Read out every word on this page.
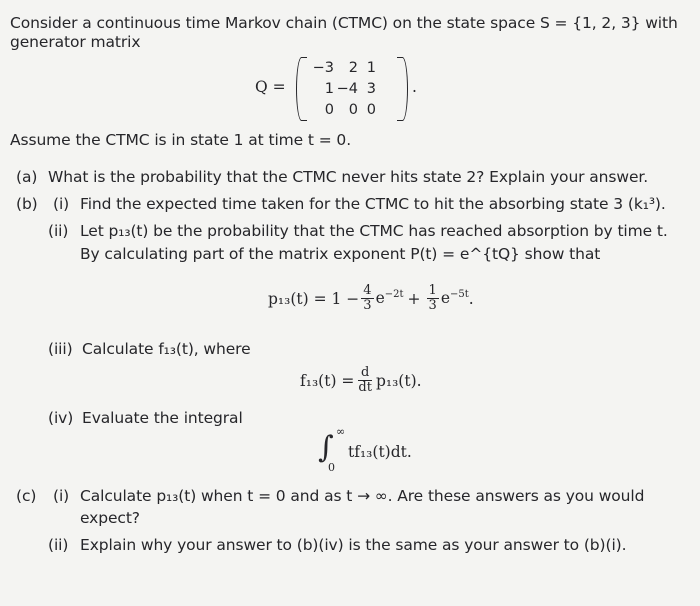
Consider a continuous time Markov chain (CTMC) on the state space S = {1, 2, 3} with
generator matrix
Q =
−3	2 1
1 −4 3
0	0 0
.
Assume the CTMC is in state 1 at time t = 0.
(a) What is the probability that the CTMC never hits state 2? Explain your answer.
(b) (i) Find the expected time taken for the CTMC to hit the absorbing state 3 (k₁³).
(ii) Let p₁₃(t) be the probability that the CTMC has reached absorption by time t.
By calculating part of the matrix exponent P(t) = e^{tQ} show that
$p_{13}(t) = 1 - \frac{4}{3} e^{-2t} + \frac{1}{3} e^{-5t}$ .
(iii) Calculate f₁₃(t), where
$f_{13}(t) = \frac{d}{dt} p_{13}(t)$.
(iv) Evaluate the integral
∫ ∞
0
tf₁₃(t)dt.
(c) (i) Calculate p₁₃(t) when t = 0 and as t → ∞. Are these answers as you would
expect?
(ii) Explain why your answer to (b)(iv) is the same as your answer to (b)(i).
